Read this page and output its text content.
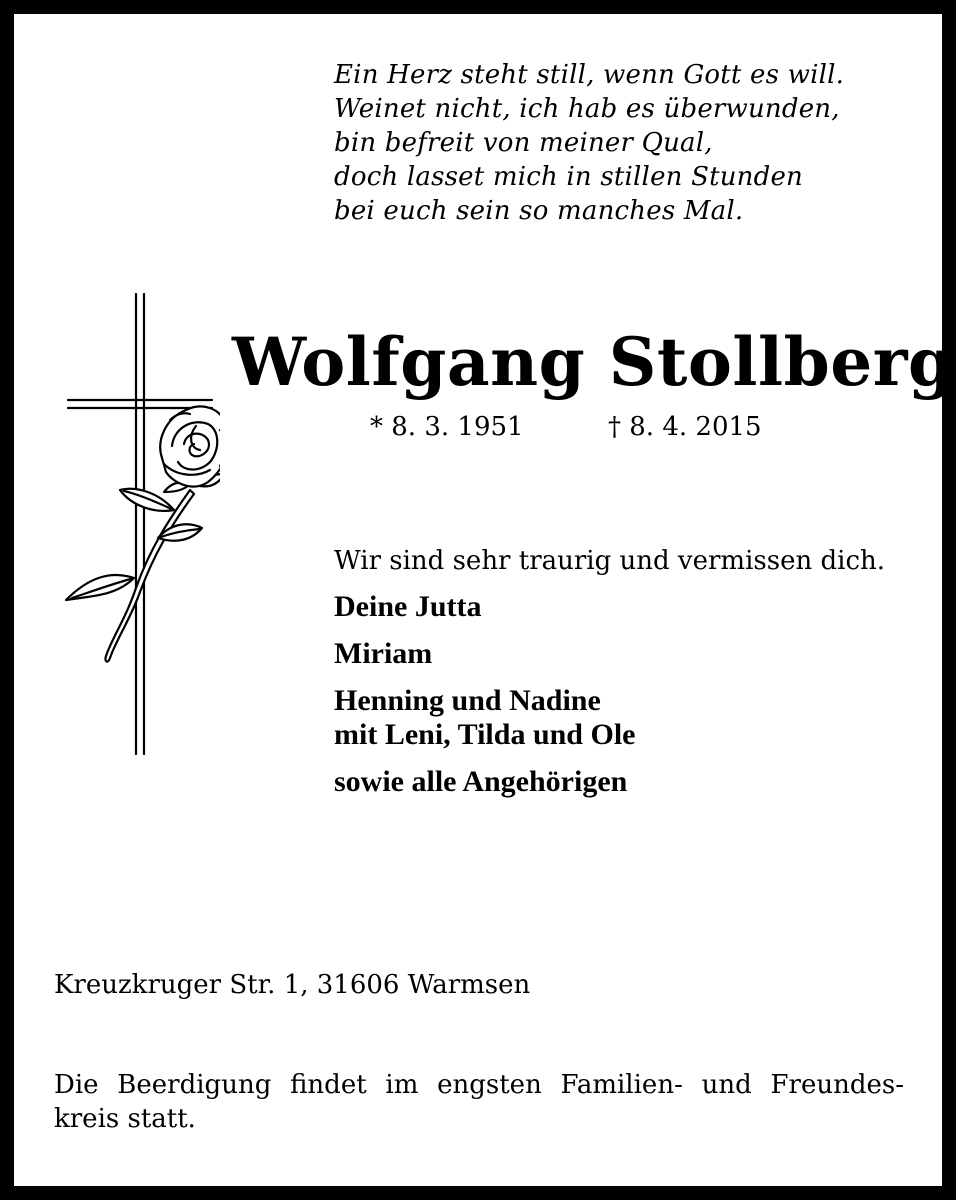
Ein Herz steht still, wenn Gott es will.
Weinet nicht, ich hab es überwunden,
bin befreit von meiner Qual,
doch lasset mich in stillen Stunden
bei euch sein so manches Mal.
Wolfgang Stollberg
* 8. 3. 1951	† 8. 4. 2015
Wir sind sehr traurig und vermissen dich.
Deine Jutta
Miriam
Henning und Nadine
mit Leni, Tilda und Ole
sowie alle Angehörigen
Kreuzkruger Str. 1, 31606 Warmsen
Die Beerdigung findet im engsten Familien- und Freundes-
kreis statt.
